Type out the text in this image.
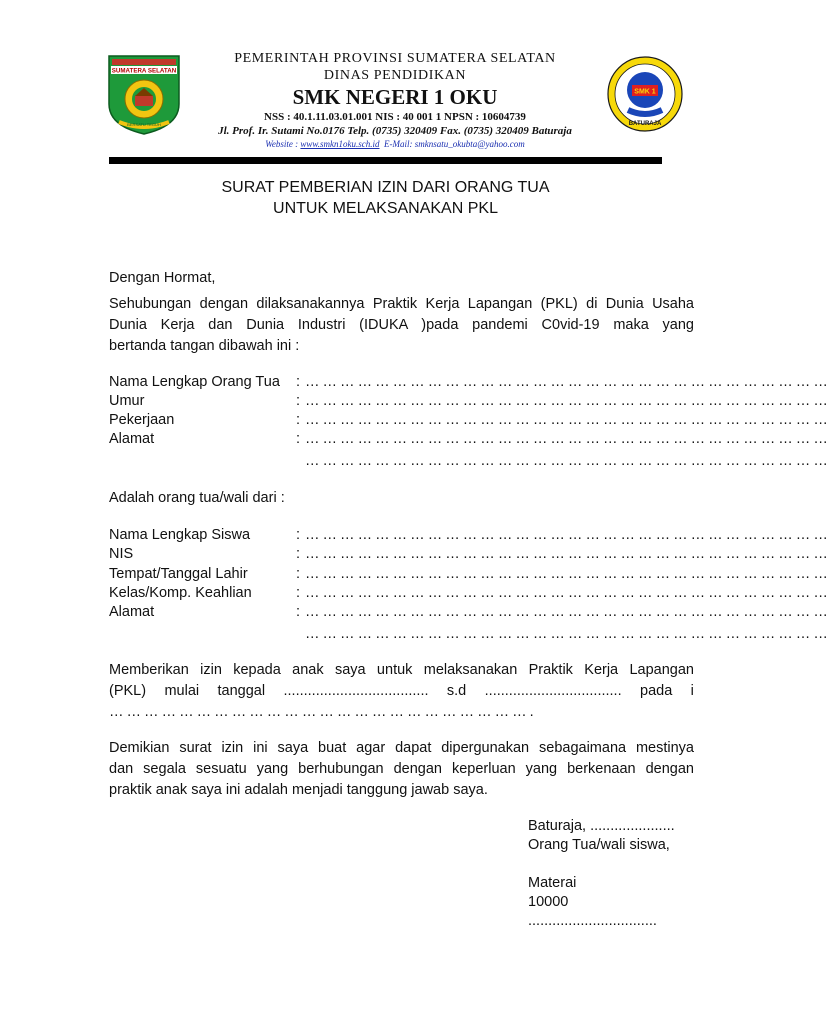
SUMATERA SELATAN
BERSATU TEGUH
SMK 1
BATURAJA
PEMERINTAH PROVINSI SUMATERA SELATAN
DINAS PENDIDIKAN
SMK NEGERI 1 OKU
NSS : 40.1.11.03.01.001 NIS : 40 001 1 NPSN : 10604739
Jl. Prof. Ir. Sutami No.0176 Telp. (0735) 320409 Fax. (0735) 320409 Baturaja
Website : www.smkn1oku.sch.id E-Mail: smknsatu_okubta@yahoo.com
SURAT PEMBERIAN IZIN DARI ORANG TUA
UNTUK MELAKSANAKAN PKL
Dengan Hormat,
Sehubungan dengan dilaksanakannya Praktik Kerja Lapangan (PKL) di Dunia Usaha
Dunia Kerja dan Dunia Industri (IDUKA )pada pandemi C0vid-19 maka yang
bertanda tangan dibawah ini :
Nama Lengkap Orang Tua : … … … … … … … … … … … … … … … … … … … … … … … … … … … … … …
Umur	: … … … … … … … … … … … … … … … … … … … … … … … … … … … … … …
Pekerjaan	: … … … … … … … … … … … … … … … … … … … … … … … … … … … … … …
Alamat	: … … … … … … … … … … … … … … … … … … … … … … … … … … … … … …
… … … … … … … … … … … … … … … … … … … … … … … … … … … … … …
Adalah orang tua/wali dari :
Nama Lengkap Siswa	: … … … … … … … … … … … … … … … … … … … … … … … … … … … … … …
NIS	: … … … … … … … … … … … … … … … … … … … … … … … … … … … … … …
Tempat/Tanggal Lahir	: … … … … … … … … … … … … … … … … … … … … … … … … … … … … … …
Kelas/Komp. Keahlian	: … … … … … … … … … … … … … … … … … … … … … … … … … … … … … …
Alamat	: … … … … … … … … … … … … … … … … … … … … … … … … … … … … … …
… … … … … … … … … … … … … … … … … … … … … … … … … … … … … …
Memberikan izin kepada anak saya untuk melaksanakan Praktik Kerja Lapangan
(PKL) mulai tanggal .................................... s.d .................................. pada i
… … … … … … … … … … … … … … … … … … … … … … … … .
Demikian surat izin ini saya buat agar dapat dipergunakan sebagaimana mestinya
dan segala sesuatu yang berhubungan dengan keperluan yang berkenaan dengan
praktik anak saya ini adalah menjadi tanggung jawab saya.
Baturaja, .....................
Orang Tua/wali siswa,
Materai
10000
................................
